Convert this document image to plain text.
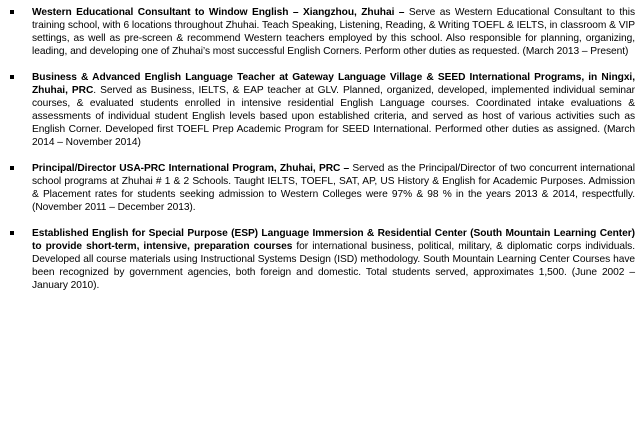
Western Educational Consultant to Window English – Xiangzhou, Zhuhai – Serve as Western Educational Consultant to this training school, with 6 locations throughout Zhuhai. Teach Speaking, Listening, Reading, & Writing TOEFL & IELTS, in classroom & VIP settings, as well as pre-screen & recommend Western teachers employed by this school. Also responsible for planning, organizing, leading, and developing one of Zhuhai’s most successful English Corners. Perform other duties as requested. (March 2013 – Present)
Business & Advanced English Language Teacher at Gateway Language Village & SEED International Programs, in Ningxi, Zhuhai, PRC. Served as Business, IELTS, & EAP teacher at GLV. Planned, organized, developed, implemented individual seminar courses, & evaluated students enrolled in intensive residential English Language courses. Coordinated intake evaluations & assessments of individual student English levels based upon established criteria, and served as host of various activities such as English Corner. Developed first TOEFL Prep Academic Program for SEED International. Performed other duties as assigned. (March 2014 – November 2014)
Principal/Director USA-PRC International Program, Zhuhai, PRC – Served as the Principal/Director of two concurrent international school programs at Zhuhai # 1 & 2 Schools. Taught IELTS, TOEFL, SAT, AP, US History & English for Academic Purposes. Admission & Placement rates for students seeking admission to Western Colleges were 97% & 98 % in the years 2013 & 2014, respectfully. (November 2011 – December 2013).
Established English for Special Purpose (ESP) Language Immersion & Residential Center (South Mountain Learning Center) to provide short-term, intensive, preparation courses for international business, political, military, & diplomatic corps individuals. Developed all course materials using Instructional Systems Design (ISD) methodology. South Mountain Learning Center Courses have been recognized by government agencies, both foreign and domestic. Total students served, approximates 1,500. (June 2002 – January 2010).
